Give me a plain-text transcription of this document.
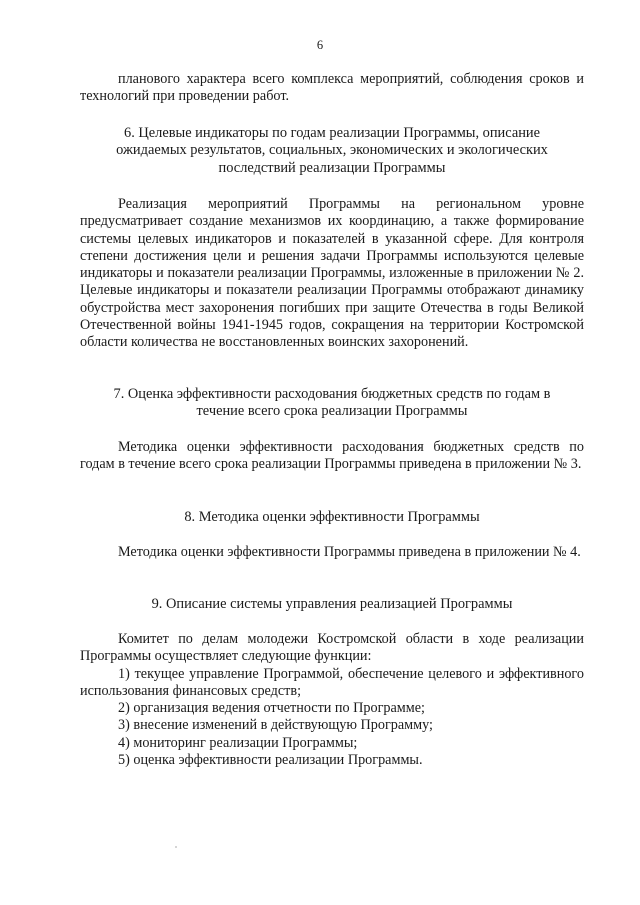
6

планового характера всего комплекса мероприятий, соблюдения сроков и технологий при проведении работ.

6. Целевые индикаторы по годам реализации Программы, описание
ожидаемых результатов, социальных, экономических и экологических
последствий реализации Программы

Реализация мероприятий Программы на региональном уровне предусматривает создание механизмов их координацию, а также формирование системы целевых индикаторов и показателей в указанной сфере. Для контроля степени достижения цели и решения задачи Программы используются целевые индикаторы и показатели реализации Программы, изложенные в приложении № 2. Целевые индикаторы и показатели реализации Программы отображают динамику обустройства мест захоронения погибших при защите Отечества в годы Великой Отечественной войны 1941-1945 годов, сокращения на территории Костромской области количества не восстановленных воинских захоронений.

7. Оценка эффективности расходования бюджетных средств по годам в
течение всего срока реализации Программы

Методика оценки эффективности расходования бюджетных средств по годам в течение всего срока реализации Программы приведена в приложении № 3.

8. Методика оценки эффективности Программы

Методика оценки эффективности Программы приведена в приложении № 4.

9. Описание системы управления реализацией Программы

Комитет по делам молодежи Костромской области в ходе реализации Программы осуществляет следующие функции:

1) текущее управление Программой, обеспечение целевого и эффективного использования финансовых средств;

2) организация ведения отчетности по Программе;

3) внесение изменений в действующую Программу;

4) мониторинг реализации Программы;

5) оценка эффективности реализации Программы.
